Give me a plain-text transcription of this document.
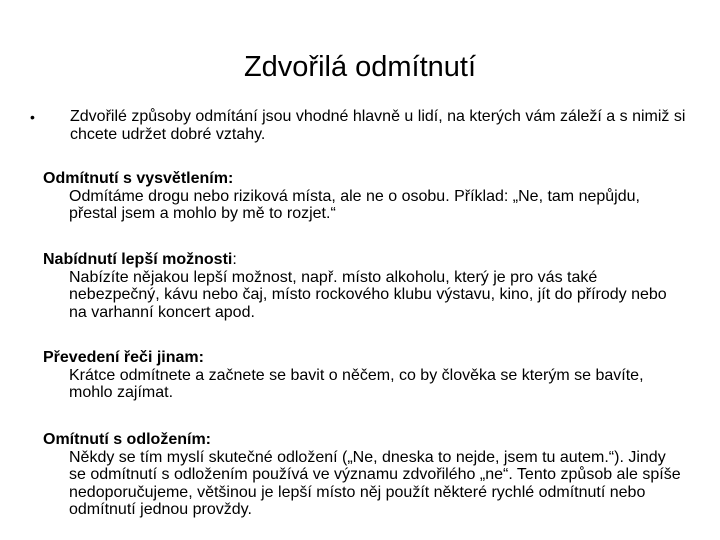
Zdvořilá odmítnutí
•	Zdvořilé způsoby odmítání jsou vhodné hlavně u lidí, na kterých vám záleží a s nimiž si chcete udržet dobré vztahy.
Odmítnutí s vysvětlením:
Odmítáme drogu nebo riziková místa, ale ne o osobu. Příklad: „Ne, tam nepůjdu, přestal jsem a mohlo by mě to rozjet.“
Nabídnutí lepší možnosti:
Nabízíte nějakou lepší možnost, např. místo alkoholu, který je pro vás také nebezpečný, kávu nebo čaj, místo rockového klubu výstavu, kino, jít do přírody nebo na varhanní koncert apod.
Převedení řeči jinam:
Krátce odmítnete a začnete se bavit o něčem, co by člověka se kterým se bavíte, mohlo zajímat.
Omítnutí s odložením:
Někdy se tím myslí skutečné odložení („Ne, dneska to nejde, jsem tu autem.“). Jindy se odmítnutí s odložením používá ve významu zdvořilého „ne“. Tento způsob ale spíše nedoporučujeme, většinou je lepší místo něj použít některé rychlé odmítnutí nebo odmítnutí jednou provždy.
